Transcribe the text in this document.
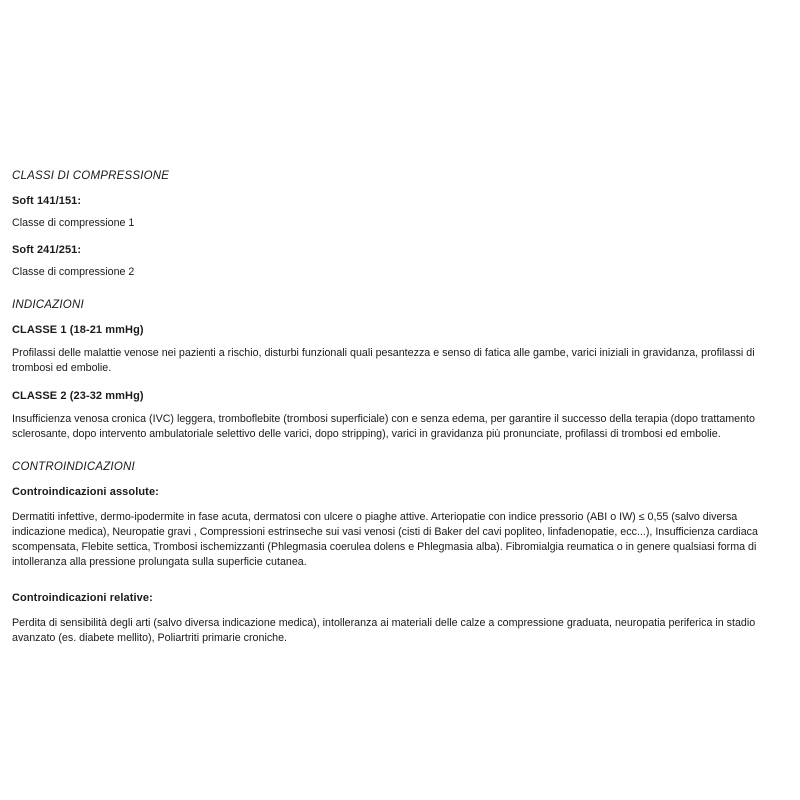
CLASSI DI COMPRESSIONE
Soft 141/151:
Classe di compressione 1
Soft 241/251:
Classe di compressione 2
INDICAZIONI
CLASSE 1 (18-21 mmHg)
Profilassi delle malattie venose nei pazienti a rischio, disturbi funzionali quali pesantezza e senso di fatica alle gambe, varici iniziali in gravidanza, profilassi di trombosi ed embolie.
CLASSE 2 (23-32 mmHg)
Insufficienza venosa cronica (IVC) leggera, tromboflebite (trombosi superficiale) con e senza edema, per garantire il successo della terapia (dopo trattamento sclerosante, dopo intervento ambulatoriale selettivo delle varici, dopo stripping), varici in gravidanza più pronunciate, profilassi di trombosi ed embolie.
CONTROINDICAZIONI
Controindicazioni assolute:
Dermatiti infettive, dermo-ipodermite in fase acuta, dermatosi con ulcere o piaghe attive. Arteriopatie con indice pressorio (ABI o IW) ≤ 0,55 (salvo diversa indicazione medica), Neuropatie gravi , Compressioni estrinseche sui vasi venosi (cisti di Baker del cavi popliteo, linfadenopatie, ecc...), Insufficienza cardiaca scompensata, Flebite settica, Trombosi ischemizzanti (Phlegmasia coerulea dolens e Phlegmasia alba). Fibromialgia reumatica o in genere qualsiasi forma di intolleranza alla pressione prolungata sulla superficie cutanea.
Controindicazioni relative:
Perdita di sensibilità degli arti (salvo diversa indicazione medica), intolleranza ai materiali delle calze a compressione graduata, neuropatia periferica in stadio avanzato (es. diabete mellito), Poliartriti primarie croniche.
